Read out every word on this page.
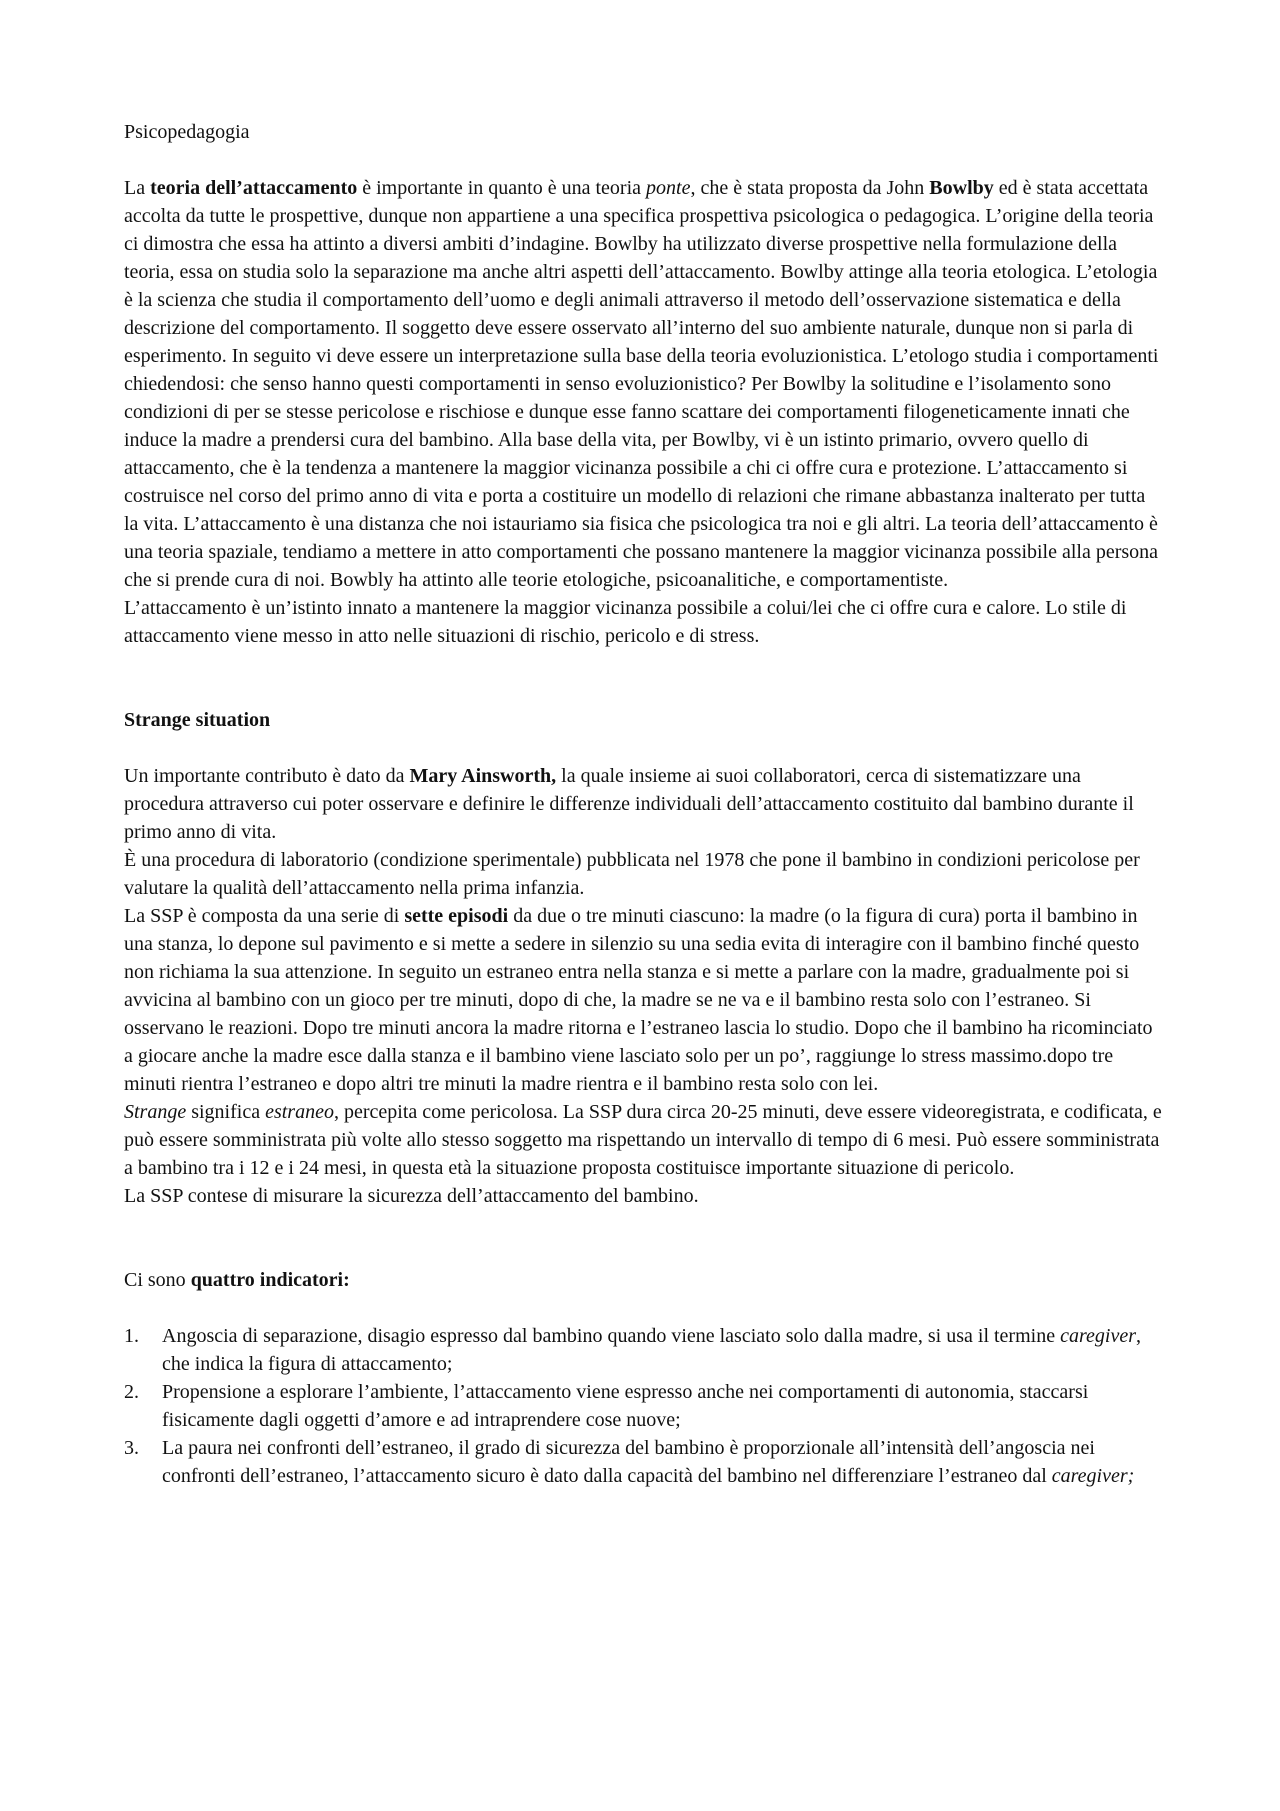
Psicopedagogia

La teoria dell’attaccamento è importante in quanto è una teoria ponte, che è stata proposta da John Bowlby ed è stata accettata accolta da tutte le prospettive, dunque non appartiene a una specifica prospettiva psicologica o pedagogica. L’origine della teoria ci dimostra che essa ha attinto a diversi ambiti d’indagine. Bowlby ha utilizzato diverse prospettive nella formulazione della teoria, essa on studia solo la separazione ma anche altri aspetti dell’attaccamento. Bowlby attinge alla teoria etologica. L’etologia è la scienza che studia il comportamento dell’uomo e degli animali attraverso il metodo dell’osservazione sistematica e della descrizione del comportamento. Il soggetto deve essere osservato all’interno del suo ambiente naturale, dunque non si parla di esperimento. In seguito vi deve essere un interpretazione sulla base della teoria evoluzionistica. L’etologo studia i comportamenti chiedendosi: che senso hanno questi comportamenti in senso evoluzionistico? Per Bowlby la solitudine e l’isolamento sono condizioni di per se stesse pericolose e rischiose e dunque esse fanno scattare dei comportamenti filogeneticamente innati che induce la madre a prendersi cura del bambino. Alla base della vita, per Bowlby, vi è un istinto primario, ovvero quello di attaccamento, che è la tendenza a mantenere la maggior vicinanza possibile a chi ci offre cura e protezione. L’attaccamento si costruisce nel corso del primo anno di vita e porta a costituire un modello di relazioni che rimane abbastanza inalterato per tutta la vita. L’attaccamento è una distanza che noi istauriamo sia fisica che psicologica tra noi e gli altri. La teoria dell’attaccamento è una teoria spaziale, tendiamo a mettere in atto comportamenti che possano mantenere la maggior vicinanza possibile alla persona che si prende cura di noi. Bowbly ha attinto alle teorie etologiche, psicoanalitiche, e comportamentiste.

L’attaccamento è un’istinto innato a mantenere la maggior vicinanza possibile a colui/lei che ci offre cura e calore. Lo stile di attaccamento viene messo in atto nelle situazioni di rischio, pericolo e di stress.

Strange situation

Un importante contributo è dato da Mary Ainsworth, la quale insieme ai suoi collaboratori, cerca di sistematizzare una procedura attraverso cui poter osservare e definire le differenze individuali dell’attaccamento costituito dal bambino durante il primo anno di vita.

È una procedura di laboratorio (condizione sperimentale) pubblicata nel 1978 che pone il bambino in condizioni pericolose per valutare la qualità dell’attaccamento nella prima infanzia.

La SSP è composta da una serie di sette episodi da due o tre minuti ciascuno: la madre (o la figura di cura) porta il bambino in una stanza, lo depone sul pavimento e si mette a sedere in silenzio su una sedia evita di interagire con il bambino finché questo non richiama la sua attenzione. In seguito un estraneo entra nella stanza e si mette a parlare con la madre, gradualmente poi si avvicina al bambino con un gioco per tre minuti, dopo di che, la madre se ne va e il bambino resta solo con l’estraneo. Si osservano le reazioni. Dopo tre minuti ancora la madre ritorna e l’estraneo lascia lo studio. Dopo che il bambino ha ricominciato a giocare anche la madre esce dalla stanza e il bambino viene lasciato solo per un po’, raggiunge lo stress massimo.dopo tre minuti rientra l’estraneo e dopo altri tre minuti la madre rientra e il bambino resta solo con lei.

Strange significa estraneo, percepita come pericolosa. La SSP dura circa 20-25 minuti, deve essere videoregistrata, e codificata, e può essere somministrata più volte allo stesso soggetto ma rispettando un intervallo di tempo di 6 mesi. Può essere somministrata a bambino tra i 12 e i 24 mesi, in questa età la situazione proposta costituisce importante situazione di pericolo.

La SSP contese di misurare la sicurezza dell’attaccamento del bambino.

Ci sono quattro indicatori:

1. Angoscia di separazione, disagio espresso dal bambino quando viene lasciato solo dalla madre, si usa il termine caregiver, che indica la figura di attaccamento;
2. Propensione a esplorare l’ambiente, l’attaccamento viene espresso anche nei comportamenti di autonomia, staccarsi fisicamente dagli oggetti d’amore e ad intraprendere cose nuove;
3. La paura nei confronti dell’estraneo, il grado di sicurezza del bambino è proporzionale all’intensità dell’angoscia nei confronti dell’estraneo, l’attaccamento sicuro è dato dalla capacità del bambino nel differenziare l’estraneo dal caregiver;
